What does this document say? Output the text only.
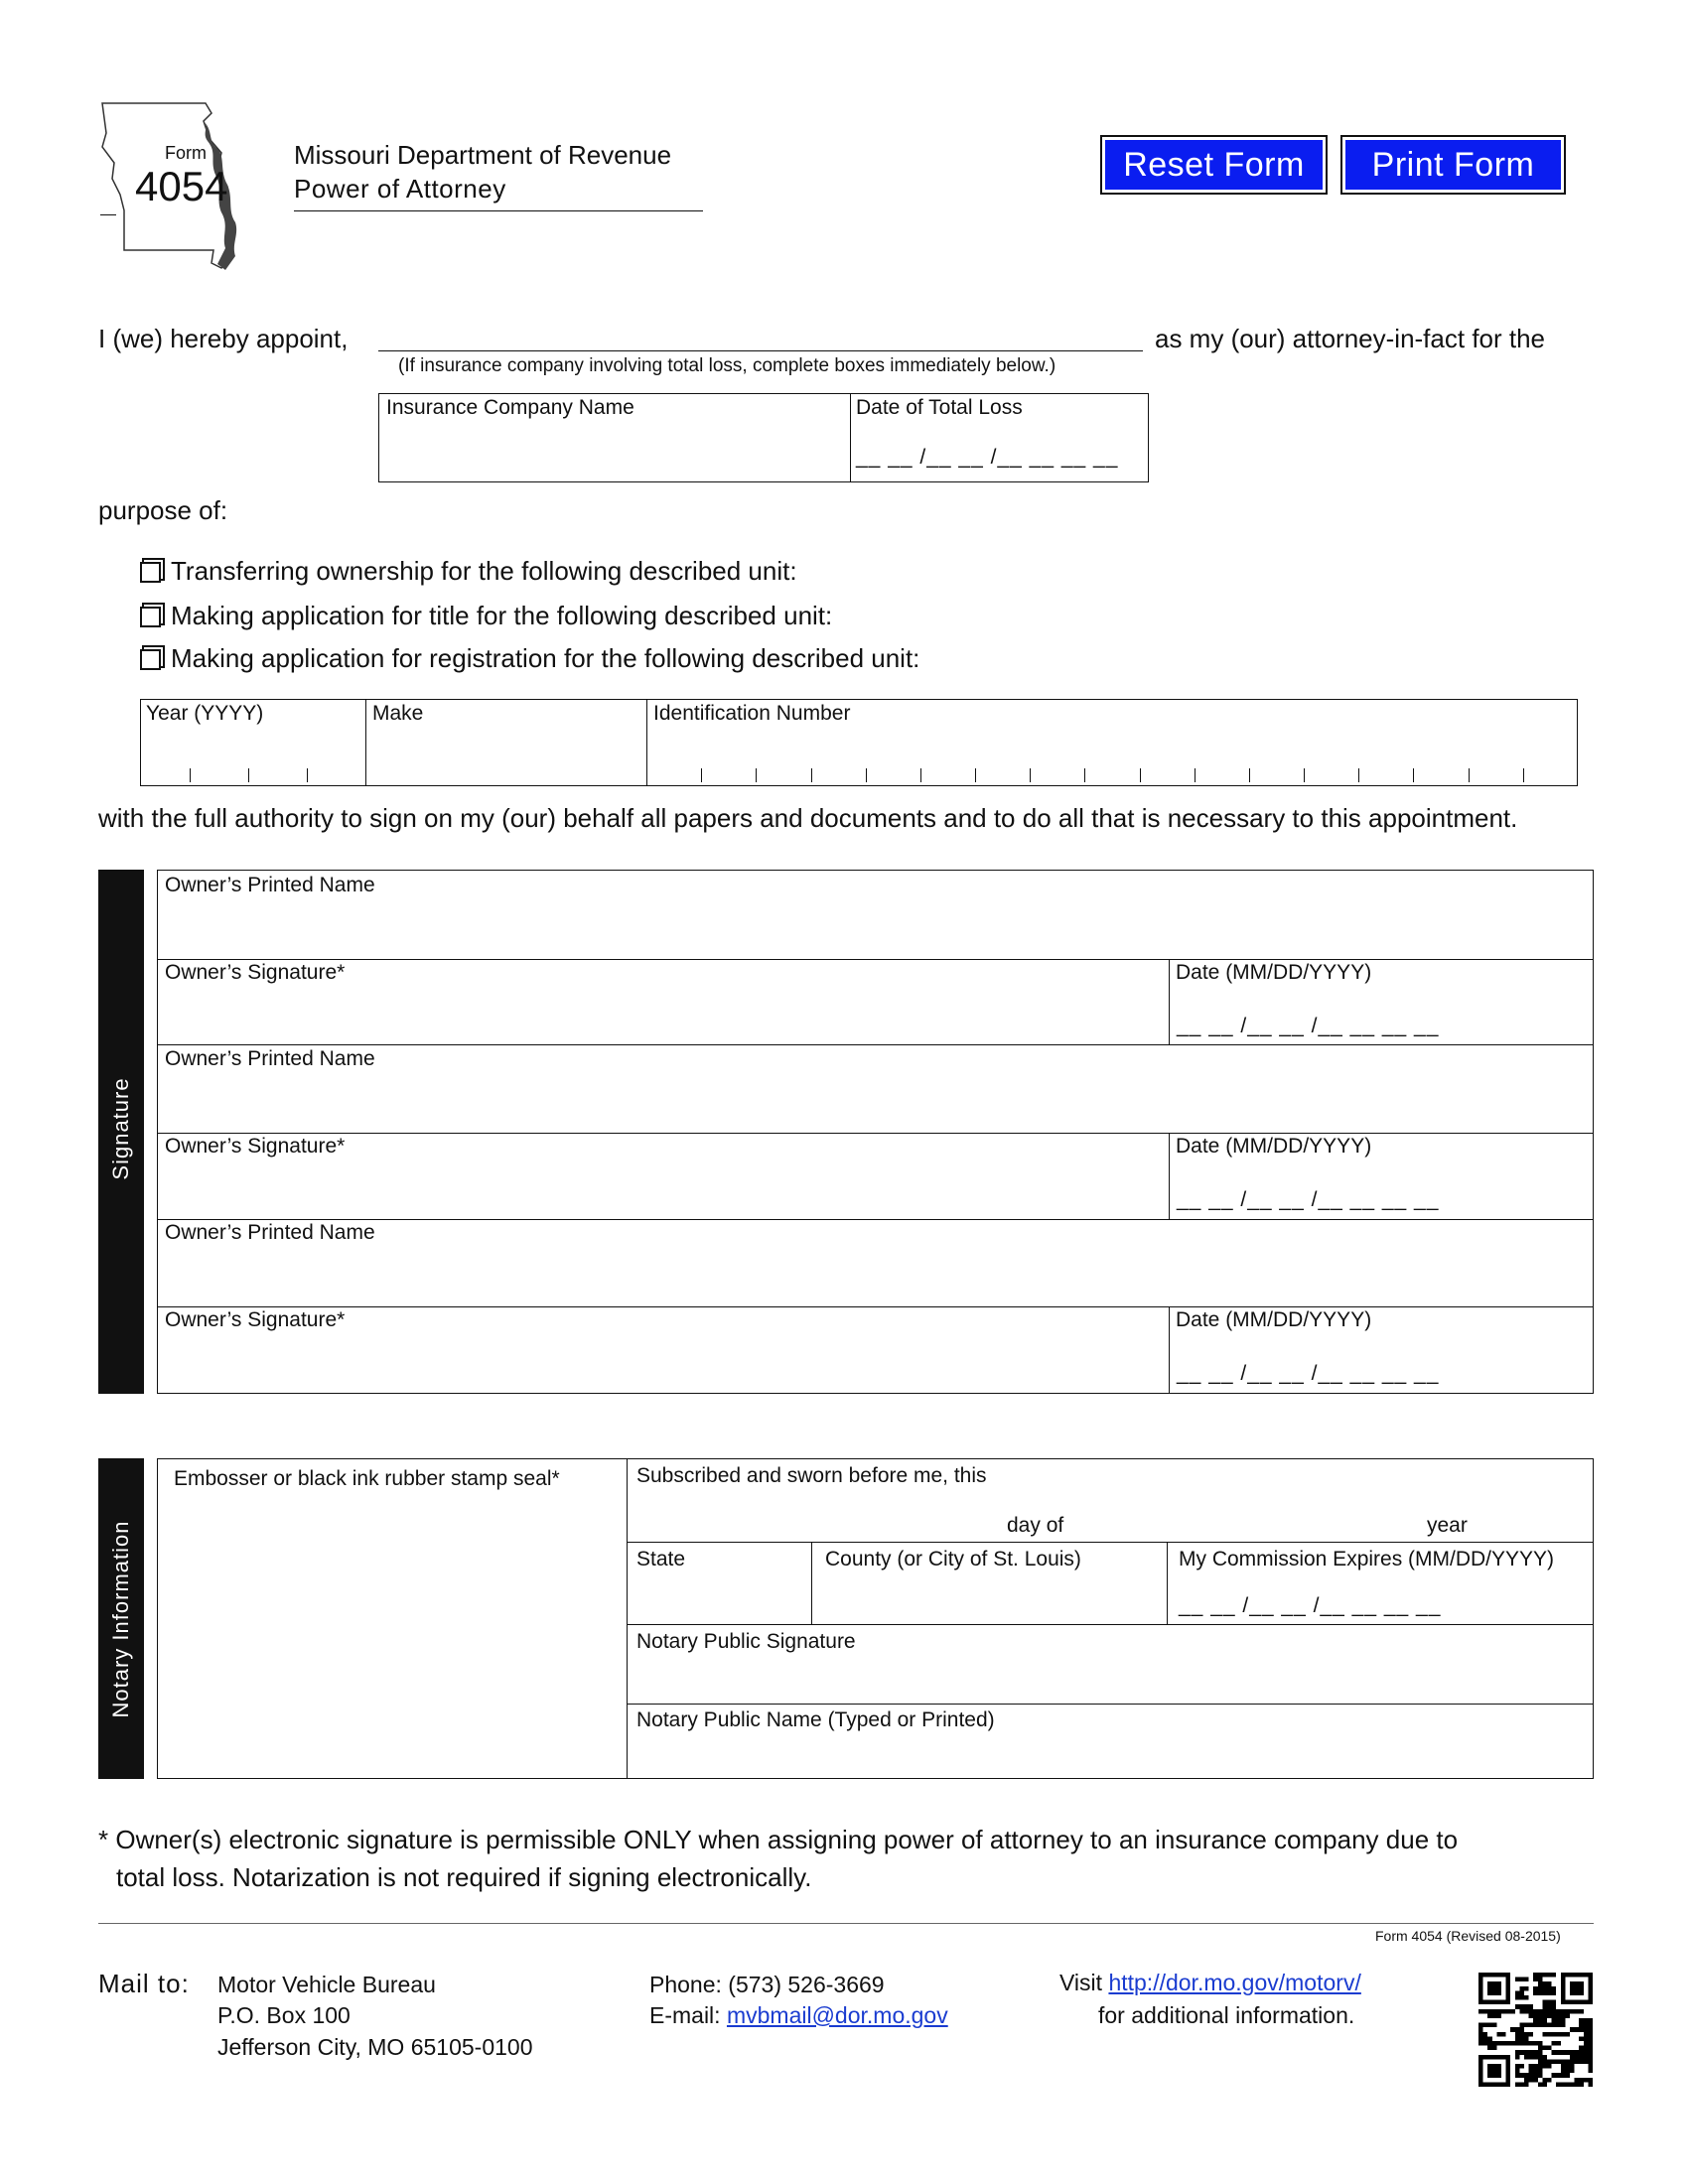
Form
4054
Missouri Department of Revenue
Power of Attorney
Reset Form	Print Form
I (we) hereby appoint,	as my (our) attorney-in-fact for the
(If insurance company involving total loss, complete boxes immediately below.)
Insurance Company Name	Date of Total Loss
__ __ /__ __ /__ __ __ __
purpose of:
Transferring ownership for the following described unit:
Making application for title for the following described unit:
Making application for registration for the following described unit:
Year (YYYY)	Make	Identification Number
with the full authority to sign on my (our) behalf all papers and documents and to do all that is necessary to this appointment.
Signature
Owner’s Printed Name
Owner’s Signature*	Date (MM/DD/YYYY)
__ __ /__ __ /__ __ __ __
Owner’s Printed Name
Owner’s Signature*	Date (MM/DD/YYYY)
__ __ /__ __ /__ __ __ __
Owner’s Printed Name
Owner’s Signature*	Date (MM/DD/YYYY)
__ __ /__ __ /__ __ __ __
Notary Information
Embosser or black ink rubber stamp seal*	Subscribed and sworn before me, this
day of	year
State	County (or City of St. Louis)	My Commission Expires (MM/DD/YYYY)
__ __ /__ __ /__ __ __ __
Notary Public Signature
Notary Public Name (Typed or Printed)
* Owner(s) electronic signature is permissible ONLY when assigning power of attorney to an insurance company due to
total loss. Notarization is not required if signing electronically.
Form 4054 (Revised 08-2015)
Mail to: Motor Vehicle Bureau
P.O. Box 100
Jefferson City, MO 65105-0100
Phone: (573) 526-3669
E-mail: mvbmail@dor.mo.gov
Visit http://dor.mo.gov/motorv/
for additional information.
